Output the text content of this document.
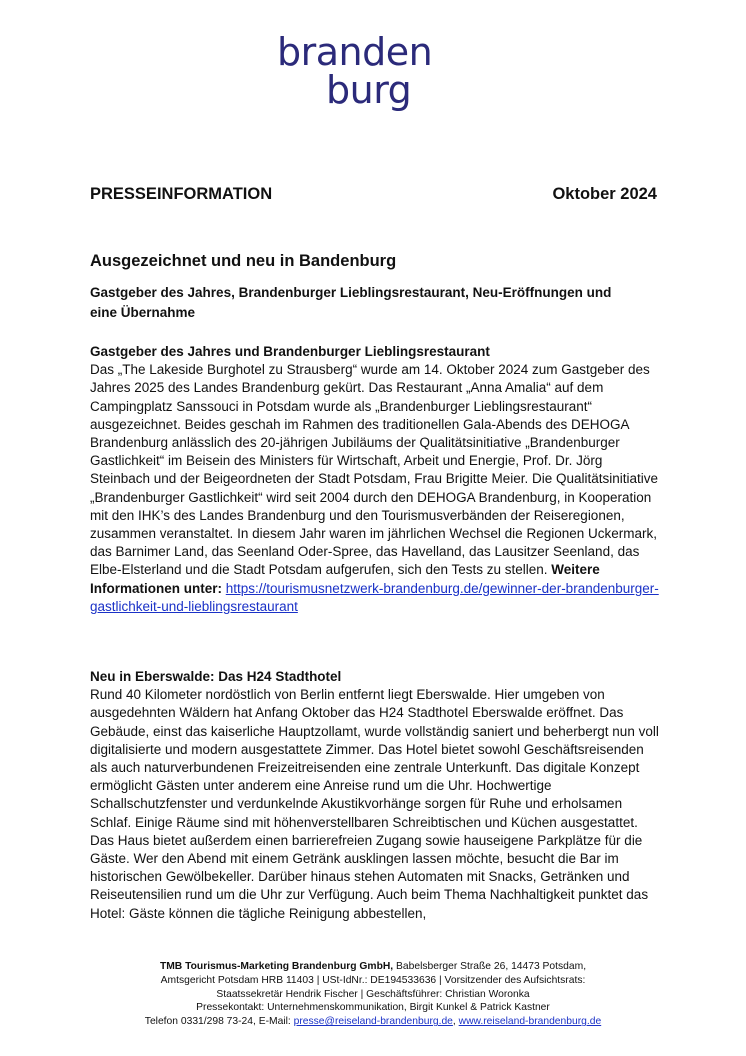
branden
burg
PRESSEINFORMATION	Oktober 2024
Ausgezeichnet und neu in Bandenburg
Gastgeber des Jahres, Brandenburger Lieblingsrestaurant, Neu-Eröffnungen und eine Übernahme
Gastgeber des Jahres und Brandenburger Lieblingsrestaurant

Das „The Lakeside Burghotel zu Strausberg“ wurde am 14. Oktober 2024 zum Gastgeber des Jahres 2025 des Landes Brandenburg gekürt. Das Restaurant „Anna Amalia“ auf dem Campingplatz Sanssouci in Potsdam wurde als „Brandenburger Lieblingsrestaurant“ ausgezeichnet. Beides geschah im Rahmen des traditionellen Gala-Abends des DEHOGA Brandenburg anlässlich des 20-jährigen Jubiläums der Qualitätsinitiative „Brandenburger Gastlichkeit“ im Beisein des Ministers für Wirtschaft, Arbeit und Energie, Prof. Dr. Jörg Steinbach und der Beigeordneten der Stadt Potsdam, Frau Brigitte Meier. Die Qualitätsinitiative „Brandenburger Gastlichkeit“ wird seit 2004 durch den DEHOGA Brandenburg, in Kooperation mit den IHK’s des Landes Brandenburg und den Tourismusverbänden der Reiseregionen, zusammen veranstaltet. In diesem Jahr waren im jährlichen Wechsel die Regionen Uckermark, das Barnimer Land, das Seenland Oder-Spree, das Havelland, das Lausitzer Seenland, das Elbe-Elsterland und die Stadt Potsdam aufgerufen, sich den Tests zu stellen. Weitere Informationen unter: https://tourismusnetzwerk-brandenburg.de/gewinner-der-brandenburger-gastlichkeit-und-lieblingsrestaurant

Neu in Eberswalde: Das H24 Stadthotel

Rund 40 Kilometer nordöstlich von Berlin entfernt liegt Eberswalde. Hier umgeben von ausgedehnten Wäldern hat Anfang Oktober das H24 Stadthotel Eberswalde eröffnet. Das Gebäude, einst das kaiserliche Hauptzollamt, wurde vollständig saniert und beherbergt nun voll digitalisierte und modern ausgestattete Zimmer. Das Hotel bietet sowohl Geschäftsreisenden als auch naturverbundenen Freizeitreisenden eine zentrale Unterkunft. Das digitale Konzept ermöglicht Gästen unter anderem eine Anreise rund um die Uhr. Hochwertige Schallschutzfenster und verdunkelnde Akustikvorhänge sorgen für Ruhe und erholsamen Schlaf. Einige Räume sind mit höhenverstellbaren Schreibtischen und Küchen ausgestattet. Das Haus bietet außerdem einen barrierefreien Zugang sowie hauseigene Parkplätze für die Gäste. Wer den Abend mit einem Getränk ausklingen lassen möchte, besucht die Bar im historischen Gewölbekeller. Darüber hinaus stehen Automaten mit Snacks, Getränken und Reiseutensilien rund um die Uhr zur Verfügung. Auch beim Thema Nachhaltigkeit punktet das Hotel: Gäste können die tägliche Reinigung abbestellen,

TMB Tourismus-Marketing Brandenburg GmbH, Babelsberger Straße 26, 14473 Potsdam,
Amtsgericht Potsdam HRB 11403 | USt-IdNr.: DE194533636 | Vorsitzender des Aufsichtsrats:
Staatssekretär Hendrik Fischer | Geschäftsführer: Christian Woronka
Pressekontakt: Unternehmenskommunikation, Birgit Kunkel & Patrick Kastner
Telefon 0331/298 73-24, E-Mail: presse@reiseland-brandenburg.de, www.reiseland-brandenburg.de
